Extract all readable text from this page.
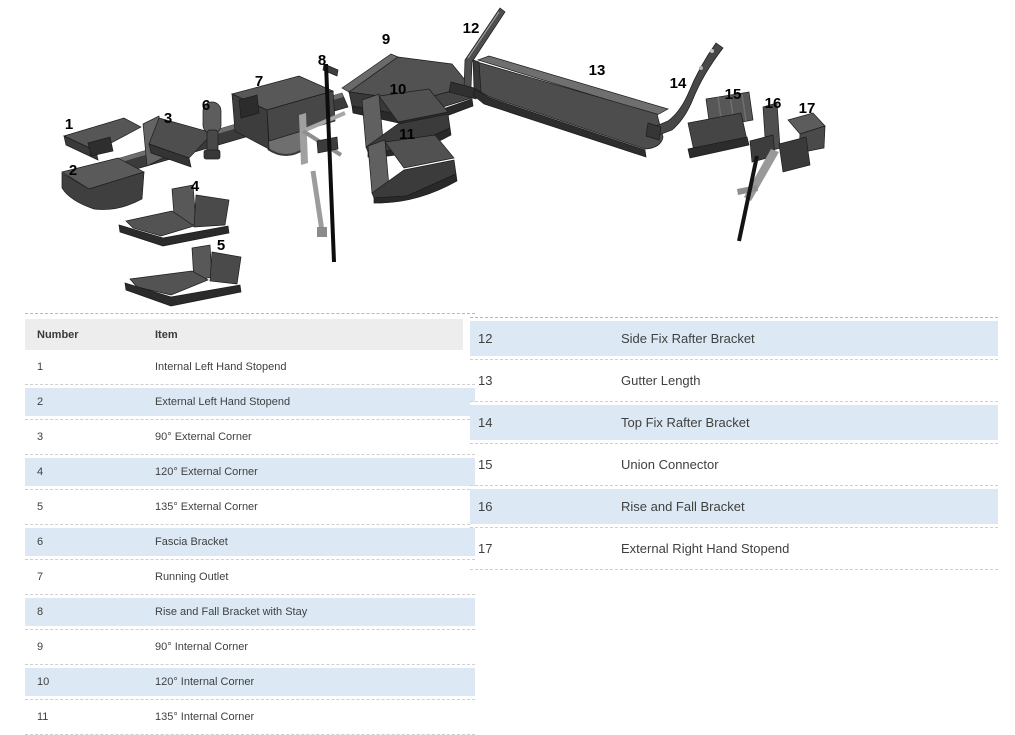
1
2
3
4
5
6
7
8
9
10
11
12
13
14
15
16 17
Number	Item
1	Internal Left Hand Stopend
2	External Left Hand Stopend
3	90° External Corner
4	120° External Corner
5	135° External Corner
6	Fascia Bracket
7	Running Outlet
8	Rise and Fall Bracket with Stay
9	90° Internal Corner
10	120° Internal Corner
11	135° Internal Corner
12	Side Fix Rafter Bracket
13	Gutter Length
14	Top Fix Rafter Bracket
15	Union Connector
16	Rise and Fall Bracket
17	External Right Hand Stopend
